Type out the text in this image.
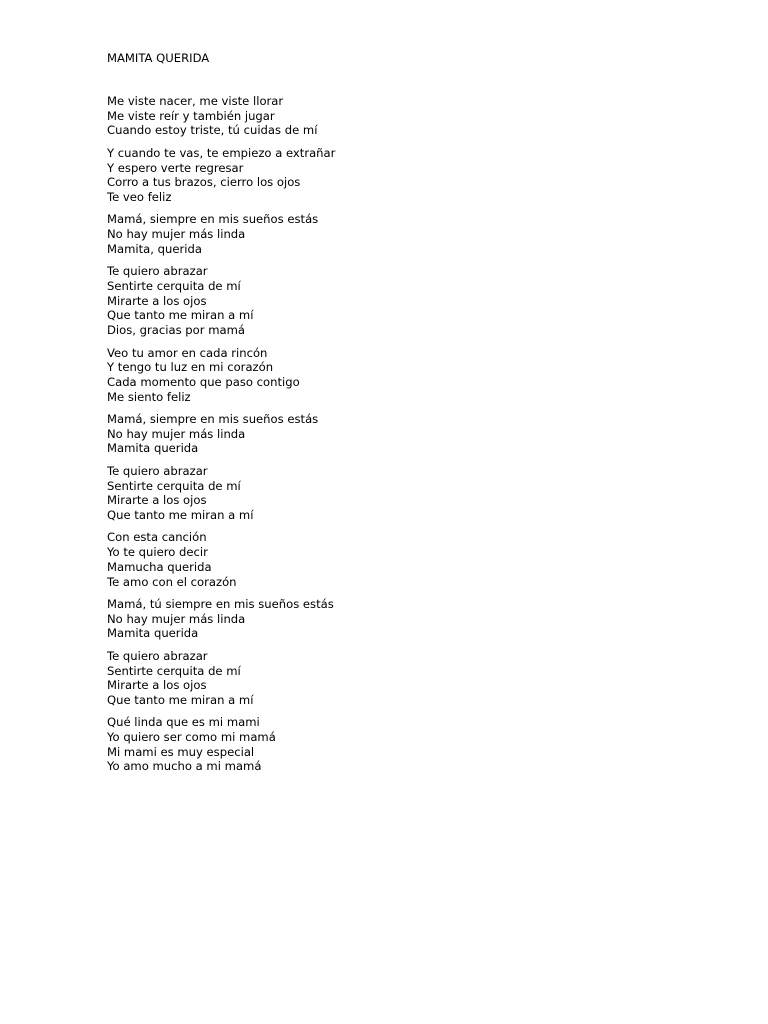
MAMITA QUERIDA
Me viste nacer, me viste llorar
Me viste reír y también jugar
Cuando estoy triste, tú cuidas de mí
Y cuando te vas, te empiezo a extrañar
Y espero verte regresar
Corro a tus brazos, cierro los ojos
Te veo feliz
Mamá, siempre en mis sueños estás
No hay mujer más linda
Mamita, querida
Te quiero abrazar
Sentirte cerquita de mí
Mirarte a los ojos
Que tanto me miran a mí
Dios, gracias por mamá
Veo tu amor en cada rincón
Y tengo tu luz en mi corazón
Cada momento que paso contigo
Me siento feliz
Mamá, siempre en mis sueños estás
No hay mujer más linda
Mamita querida
Te quiero abrazar
Sentirte cerquita de mí
Mirarte a los ojos
Que tanto me miran a mí
Con esta canción
Yo te quiero decir
Mamucha querida
Te amo con el corazón
Mamá, tú siempre en mis sueños estás
No hay mujer más linda
Mamita querida
Te quiero abrazar
Sentirte cerquita de mí
Mirarte a los ojos
Que tanto me miran a mí
Qué linda que es mi mami
Yo quiero ser como mi mamá
Mi mami es muy especial
Yo amo mucho a mi mamá
